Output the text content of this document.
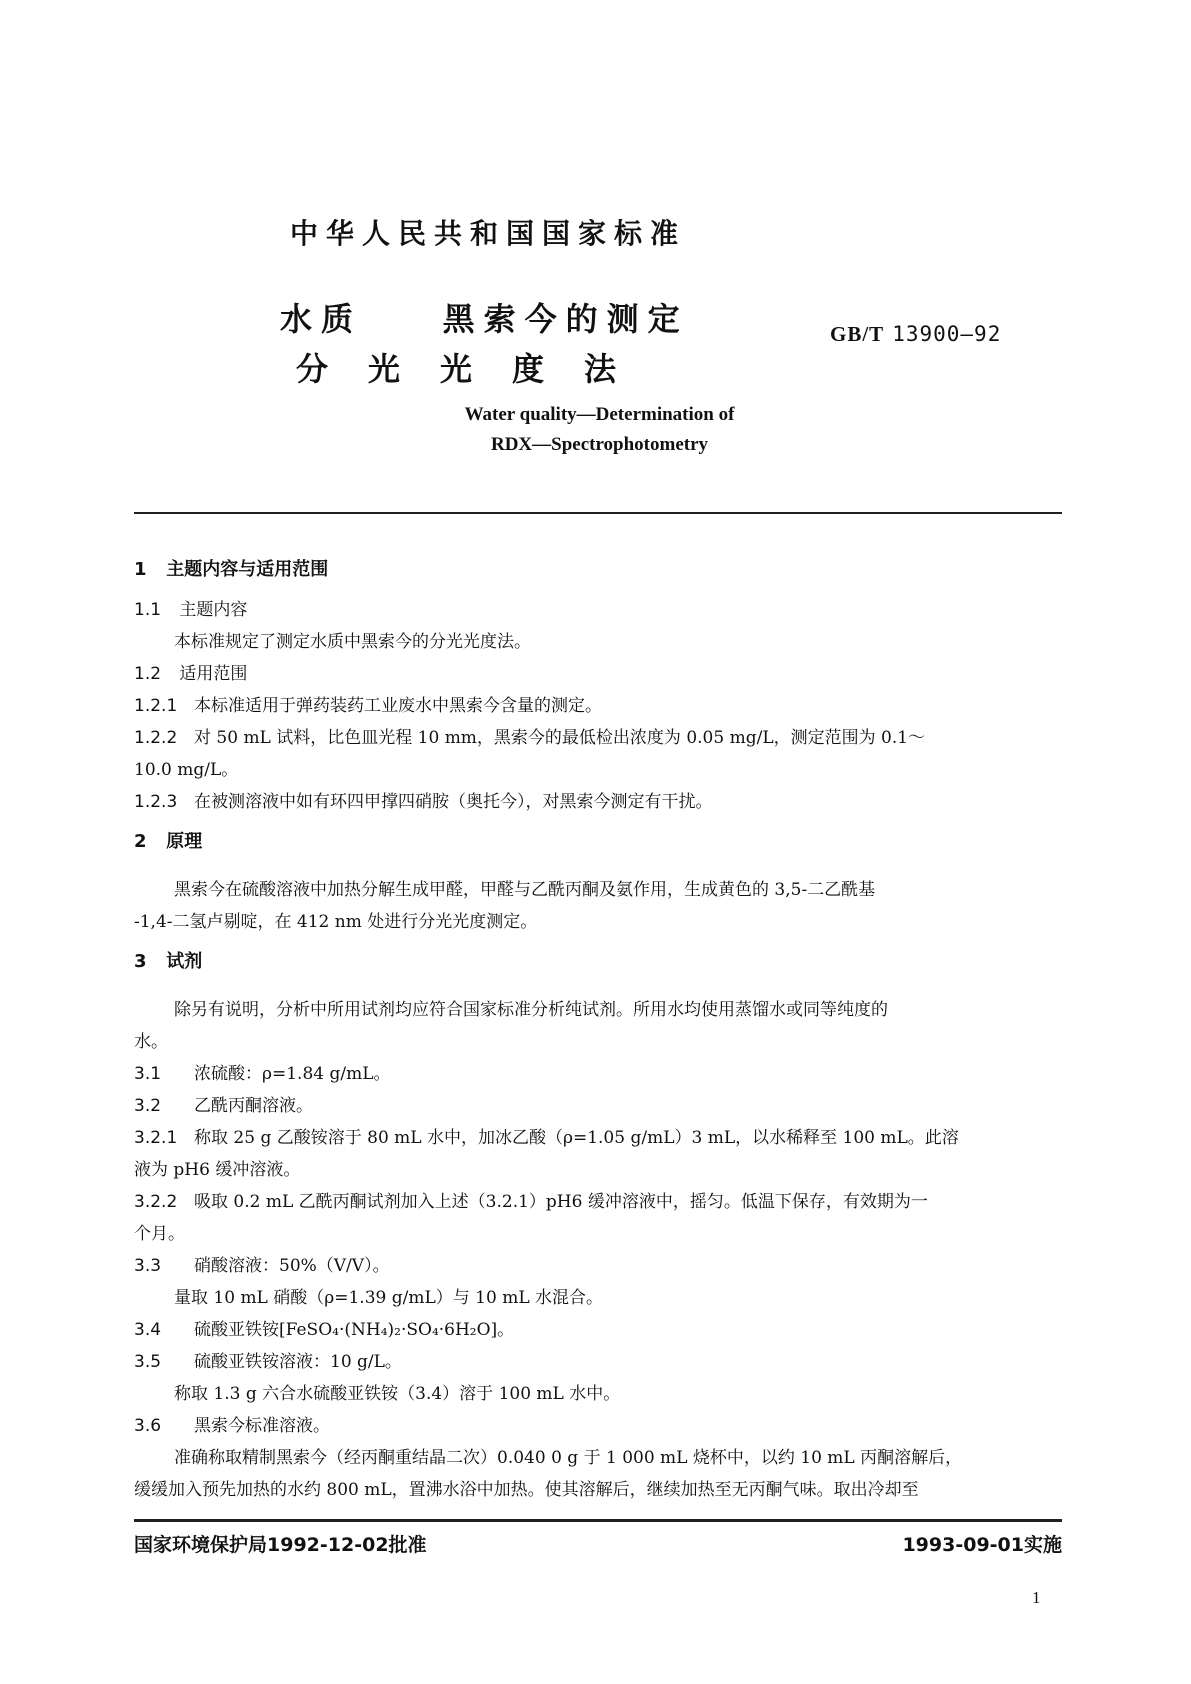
中华人民共和国国家标准
水质    黑索今的测定
分光光度法
GB/T 13900—92
Water quality—Determination of
RDX—Spectrophotometry

1 主题内容与适用范围

1.1 主题内容

本标准规定了测定水质中黑索今的分光光度法。

1.2 适用范围

1.2.1 本标准适用于弹药装药工业废水中黑索今含量的测定。

1.2.2 对 50 mL 试料，比色皿光程 10 mm，黑索今的最低检出浓度为 0.05 mg/L，测定范围为 0.1～

10.0 mg/L。

1.2.3 在被测溶液中如有环四甲撑四硝胺（奥托今），对黑索今测定有干扰。

2 原理

黑索今在硫酸溶液中加热分解生成甲醛，甲醛与乙酰丙酮及氨作用，生成黄色的 3,5-二乙酰基

-1,4-二氢卢剔啶，在 412 nm 处进行分光光度测定。

3 试剂

除另有说明，分析中所用试剂均应符合国家标准分析纯试剂。所用水均使用蒸馏水或同等纯度的

水。

3.1 浓硫酸：ρ=1.84 g/mL。

3.2 乙酰丙酮溶液。

3.2.1 称取 25 g 乙酸铵溶于 80 mL 水中，加冰乙酸（ρ=1.05 g/mL）3 mL，以水稀释至 100 mL。此溶

液为 pH6 缓冲溶液。

3.2.2 吸取 0.2 mL 乙酰丙酮试剂加入上述（3.2.1）pH6 缓冲溶液中，摇匀。低温下保存，有效期为一

个月。

3.3 硝酸溶液：50%（V/V）。

量取 10 mL 硝酸（ρ=1.39 g/mL）与 10 mL 水混合。

3.4 硫酸亚铁铵[FeSO₄·(NH₄)₂·SO₄·6H₂O]。

3.5 硫酸亚铁铵溶液：10 g/L。

称取 1.3 g 六合水硫酸亚铁铵（3.4）溶于 100 mL 水中。

3.6 黑索今标准溶液。

准确称取精制黑索今（经丙酮重结晶二次）0.040 0 g 于 1 000 mL 烧杯中，以约 10 mL 丙酮溶解后，

缓缓加入预先加热的水约 800 mL，置沸水浴中加热。使其溶解后，继续加热至无丙酮气味。取出冷却至

国家环境保护局1992-12-02批准	1993-09-01实施
1
